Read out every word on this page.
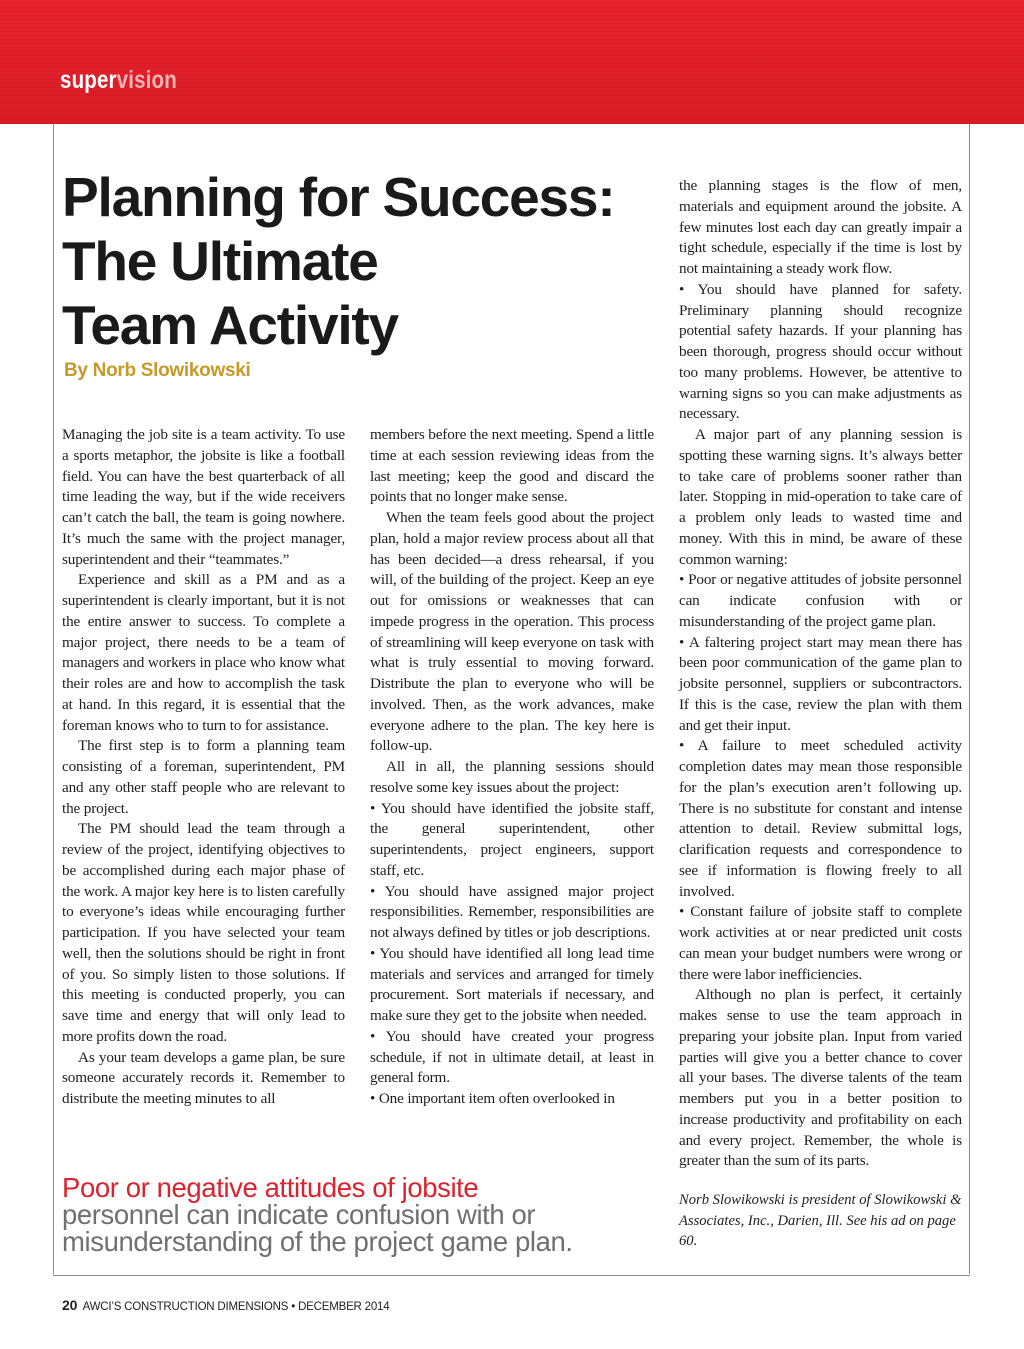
supervision
Planning for Success:
The Ultimate
Team Activity
By Norb Slowikowski

Managing the job site is a team activity. To use a sports metaphor, the jobsite is like a football field. You can have the best quarterback of all time leading the way, but if the wide receivers can’t catch the ball, the team is going nowhere. It’s much the same with the project manager, superintendent and their “teammates.”

Experience and skill as a PM and as a superintendent is clearly important, but it is not the entire answer to success. To complete a major project, there needs to be a team of managers and workers in place who know what their roles are and how to accomplish the task at hand. In this regard, it is essential that the foreman knows who to turn to for assistance.

The first step is to form a planning team consisting of a foreman, superintendent, PM and any other staff people who are relevant to the project.

The PM should lead the team through a review of the project, identifying objectives to be accomplished during each major phase of the work. A major key here is to listen carefully to everyone’s ideas while encouraging further participation. If you have selected your team well, then the solutions should be right in front of you. So simply listen to those solutions. If this meeting is conducted properly, you can save time and energy that will only lead to more profits down the road.

As your team develops a game plan, be sure someone accurately records it. Remember to distribute the meeting minutes to all

members before the next meeting. Spend a little time at each session reviewing ideas from the last meeting; keep the good and discard the points that no longer make sense.

When the team feels good about the project plan, hold a major review process about all that has been decided—a dress rehearsal, if you will, of the building of the project. Keep an eye out for omissions or weaknesses that can impede progress in the operation. This process of streamlining will keep everyone on task with what is truly essential to moving forward. Distribute the plan to everyone who will be involved. Then, as the work advances, make everyone adhere to the plan. The key here is follow-up.

All in all, the planning sessions should resolve some key issues about the project:

• You should have identified the jobsite staff, the general superintendent, other superintendents, project engineers, support staff, etc.

• You should have assigned major project responsibilities. Remember, responsibilities are not always defined by titles or job descriptions.

• You should have identified all long lead time materials and services and arranged for timely procurement. Sort materials if necessary, and make sure they get to the jobsite when needed.

• You should have created your progress schedule, if not in ultimate detail, at least in general form.

• One important item often overlooked in

the planning stages is the flow of men, materials and equipment around the jobsite. A few minutes lost each day can greatly impair a tight schedule, especially if the time is lost by not maintaining a steady work flow.

• You should have planned for safety. Preliminary planning should recognize potential safety hazards. If your planning has been thorough, progress should occur without too many problems. However, be attentive to warning signs so you can make adjustments as necessary.

A major part of any planning session is spotting these warning signs. It’s always better to take care of problems sooner rather than later. Stopping in mid-operation to take care of a problem only leads to wasted time and money. With this in mind, be aware of these common warning:

• Poor or negative attitudes of jobsite personnel can indicate confusion with or misunderstanding of the project game plan.

• A faltering project start may mean there has been poor communication of the game plan to jobsite personnel, suppliers or subcontractors. If this is the case, review the plan with them and get their input.

• A failure to meet scheduled activity completion dates may mean those responsible for the plan’s execution aren’t following up. There is no substitute for constant and intense attention to detail. Review submittal logs, clarification requests and correspondence to see if information is flowing freely to all involved.

• Constant failure of jobsite staff to complete work activities at or near predicted unit costs can mean your budget numbers were wrong or there were labor inefficiencies.

Although no plan is perfect, it certainly makes sense to use the team approach in preparing your jobsite plan. Input from varied parties will give you a better chance to cover all your bases. The diverse talents of the team members put you in a better position to increase productivity and profitability on each and every project. Remember, the whole is greater than the sum of its parts.

Norb Slowikowski is president of Slowikowski & Associates, Inc., Darien, Ill. See his ad on page 60.
Poor or negative attitudes of jobsite
personnel can indicate confusion with or
misunderstanding of the project game plan.
20 AWCI’S CONSTRUCTION DIMENSIONS • DECEMBER 2014
